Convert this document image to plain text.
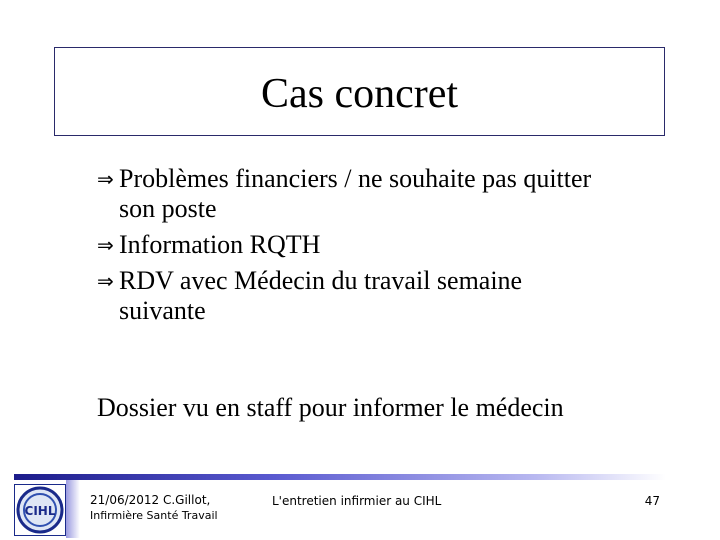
Cas concret
⇒ Problèmes financiers / ne souhaite pas quitter
son poste
⇒ Information RQTH
⇒ RDV avec Médecin du travail semaine
suivante
Dossier vu en staff pour informer le médecin
CIHL
21/06/2012 C.Gillot,
Infirmière Santé Travail
L'entretien infirmier au CIHL	47
